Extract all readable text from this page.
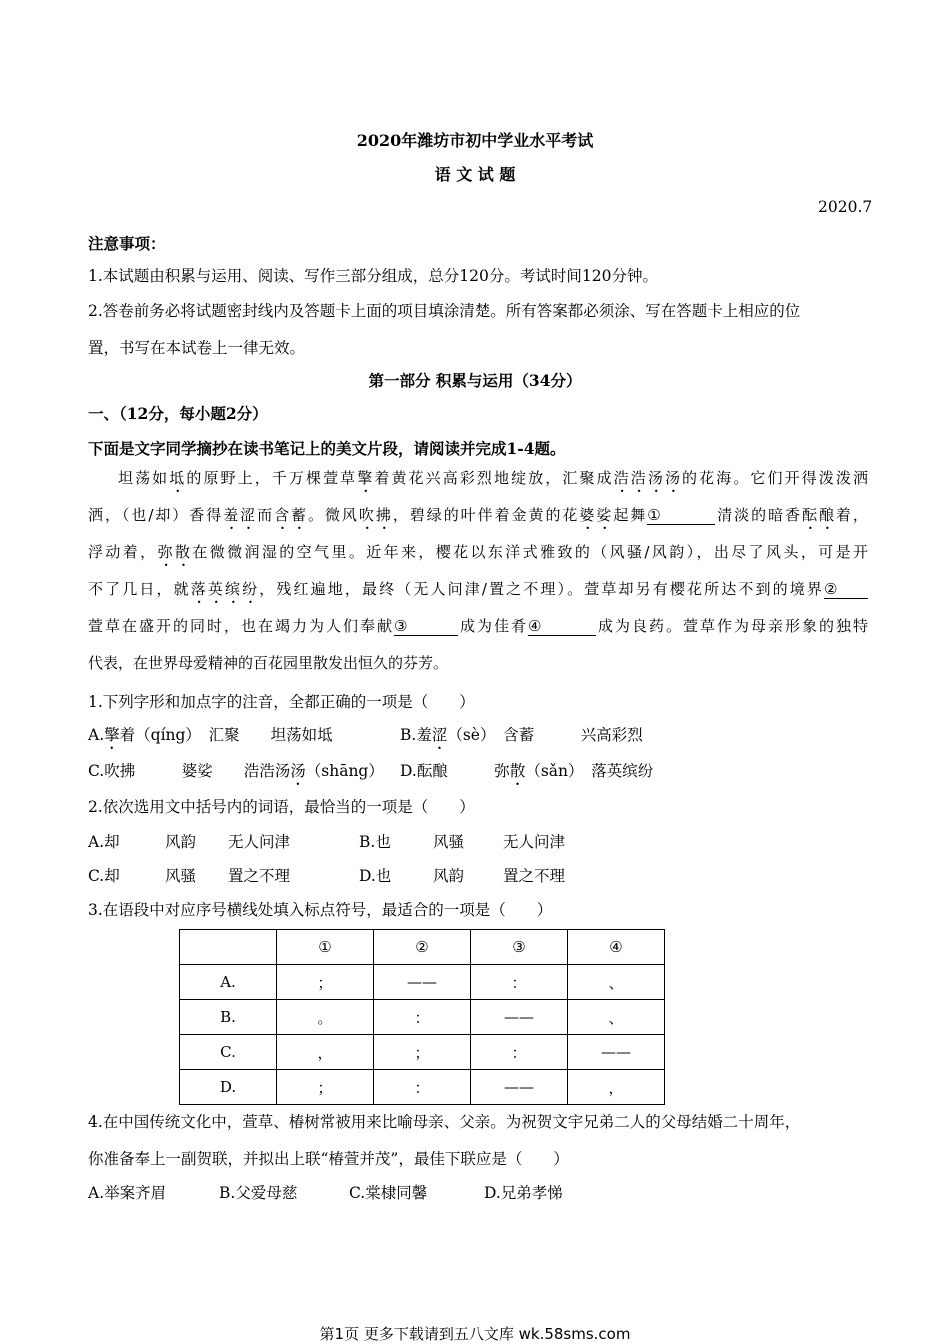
2020年潍坊市初中学业水平考试
语 文 试 题
2020.7
注意事项：
1.本试题由积累与运用、阅读、写作三部分组成，总分120分。考试时间120分钟。
2.答卷前务必将试题密封线内及答题卡上面的项目填涂清楚。所有答案都必须涂、写在答题卡上相应的位
置，书写在本试卷上一律无效。
第一部分 积累与运用（34分）
一、（12分，每小题2分）
下面是文字同学摘抄在读书笔记上的美文片段，请阅读并完成1-4题。
坦荡如坻的原野上，千万棵萱草擎着黄花兴高彩烈地绽放，汇聚成浩浩汤汤的花海。它们开得泼泼洒
洒，（也/却）香得羞涩而含蓄。微风吹拂，碧绿的叶伴着金黄的花婆娑起舞①	清淡的暗香酝酿着，
浮动着，弥散在微微润湿的空气里。近年来，樱花以东洋式雅致的（风骚/风韵），出尽了风头，可是开
不了几日，就落英缤纷，残红遍地，最终（无人问津/置之不理）。萱草却另有樱花所达不到的境界②
萱草在盛开的同时，也在竭力为人们奉献③	成为佳肴④	成为良药。萱草作为母亲形象的独特
代表，在世界母爱精神的百花园里散发出恒久的芬芳。
1.下列字形和加点字的注音，全都正确的一项是（　　）
A.擎着（qíng）　汇聚　　坦荡如坻	B.羞涩（sè）　含蓄　　　兴高彩烈
C.吹拂　　　婆娑　　浩浩汤汤（shāng） D.酝酿　　　弥散（sǎn）　落英缤纷
2.依次选用文中括号内的词语，最恰当的一项是（　　）
A.却	风韵 无人问津	B.也	风骚	无人问津
C.却	风骚 置之不理	D.也	风韵	置之不理
3.在语段中对应序号横线处填入标点符号，最适合的一项是（　　）
	①	②	③	④
A.	；	——	：	、
B.	。	：	——	、
C.	，	；	：	——
D.	；	：	——	，
4.在中国传统文化中，萱草、椿树常被用来比喻母亲、父亲。为祝贺文宇兄弟二人的父母结婚二十周年，
你准备奉上一副贺联，并拟出上联“椿萱并茂”，最佳下联应是（　　）
A.举案齐眉	B.父爱母慈	C.棠棣同馨	D.兄弟孝悌
第1页 更多下载请到五八文库 wk.58sms.com
